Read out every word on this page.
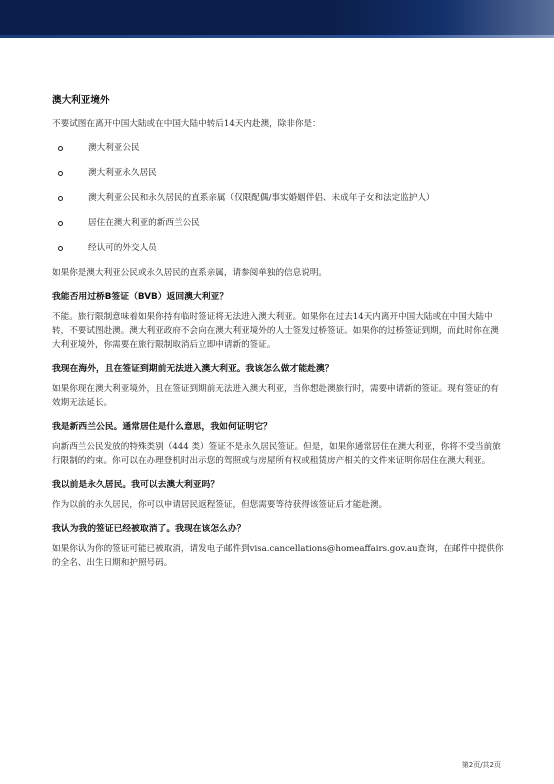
澳大利亚境外

不要试图在离开中国大陆或在中国大陆中转后14天内赴澳，除非你是：

澳大利亚公民
澳大利亚永久居民
澳大利亚公民和永久居民的直系亲属（仅限配偶/事实婚姻伴侣、未成年子女和法定监护人）
居住在澳大利亚的新西兰公民
经认可的外交人员

如果你是澳大利亚公民或永久居民的直系亲属，请参阅单独的信息说明。

我能否用过桥B签证（BVB）返回澳大利亚？

不能。旅行限制意味着如果你持有临时签证将无法进入澳大利亚。如果你在过去14天内离开中国大陆或在中国大陆中转，不要试图赴澳。澳大利亚政府不会向在澳大利亚境外的人士签发过桥签证。如果你的过桥签证到期，而此时你在澳大利亚境外，你需要在旅行限制取消后立即申请新的签证。

我现在海外，且在签证到期前无法进入澳大利亚。我该怎么做才能赴澳？

如果你现在澳大利亚境外，且在签证到期前无法进入澳大利亚，当你想赴澳旅行时，需要申请新的签证。现有签证的有效期无法延长。

我是新西兰公民。通常居住是什么意思，我如何证明它？

向新西兰公民发放的特殊类别（444 类）签证不是永久居民签证。但是，如果你通常居住在澳大利亚，你将不受当前旅行限制的约束。你可以在办理登机时出示您的驾照或与房屋所有权或租赁房产相关的文件来证明你居住在澳大利亚。

我以前是永久居民。我可以去澳大利亚吗？

作为以前的永久居民，你可以申请居民返程签证，但您需要等待获得该签证后才能赴澳。

我认为我的签证已经被取消了。我现在该怎么办？

如果你认为你的签证可能已被取消，请发电子邮件到visa.cancellations@homeaffairs.gov.au查询，在邮件中提供你的全名、出生日期和护照号码。

第2页/共2页
